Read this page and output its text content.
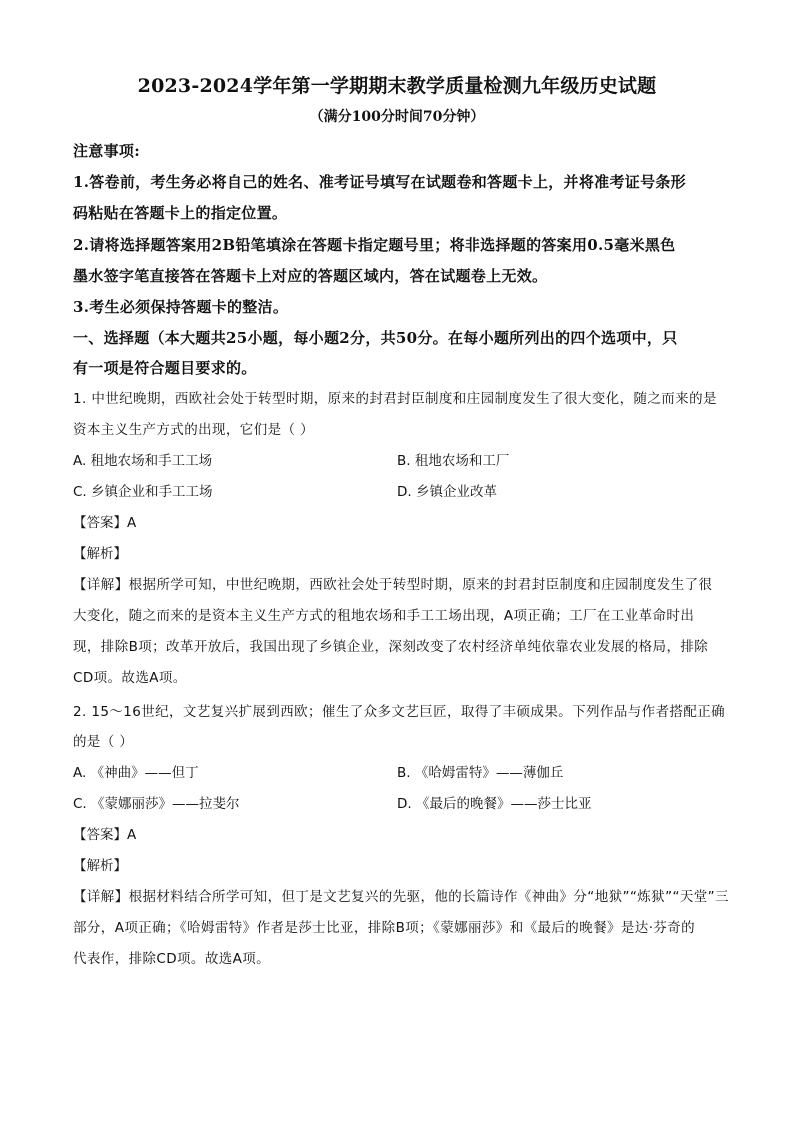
2023-2024学年第一学期期末教学质量检测九年级历史试题
（满分100分时间70分钟）
注意事项:
1.答卷前，考生务必将自己的姓名、准考证号填写在试题卷和答题卡上，并将准考证号条形
码粘贴在答题卡上的指定位置。
2.请将选择题答案用2B铅笔填涂在答题卡指定题号里；将非选择题的答案用0.5毫米黑色
墨水签字笔直接答在答题卡上对应的答题区域内，答在试题卷上无效。
3.考生必须保持答题卡的整洁。
一、选择题（本大题共25小题，每小题2分，共50分。在每小题所列出的四个选项中，只
有一项是符合题目要求的。
1. 中世纪晚期，西欧社会处于转型时期，原来的封君封臣制度和庄园制度发生了很大变化，随之而来的是
资本主义生产方式的出现，它们是（ ）
A. 租地农场和手工工场	B. 租地农场和工厂
C. 乡镇企业和手工工场	D. 乡镇企业改革
【答案】A
【解析】
【详解】根据所学可知，中世纪晚期，西欧社会处于转型时期，原来的封君封臣制度和庄园制度发生了很
大变化，随之而来的是资本主义生产方式的租地农场和手工工场出现，A项正确；工厂在工业革命时出
现，排除B项；改革开放后，我国出现了乡镇企业，深刻改变了农村经济单纯依靠农业发展的格局，排除
CD项。故选A项。
2. 15～16世纪，文艺复兴扩展到西欧；催生了众多文艺巨匠，取得了丰硕成果。下列作品与作者搭配正确
的是（ ）
A. 《神曲》——但丁	B. 《哈姆雷特》——薄伽丘
C. 《蒙娜丽莎》——拉斐尔	D. 《最后的晚餐》——莎士比亚
【答案】A
【解析】
【详解】根据材料结合所学可知，但丁是文艺复兴的先驱，他的长篇诗作《神曲》分“地狱”“炼狱”“天堂”三
部分，A项正确；《哈姆雷特》作者是莎士比亚，排除B项；《蒙娜丽莎》和《最后的晚餐》是达·芬奇的
代表作，排除CD项。故选A项。
